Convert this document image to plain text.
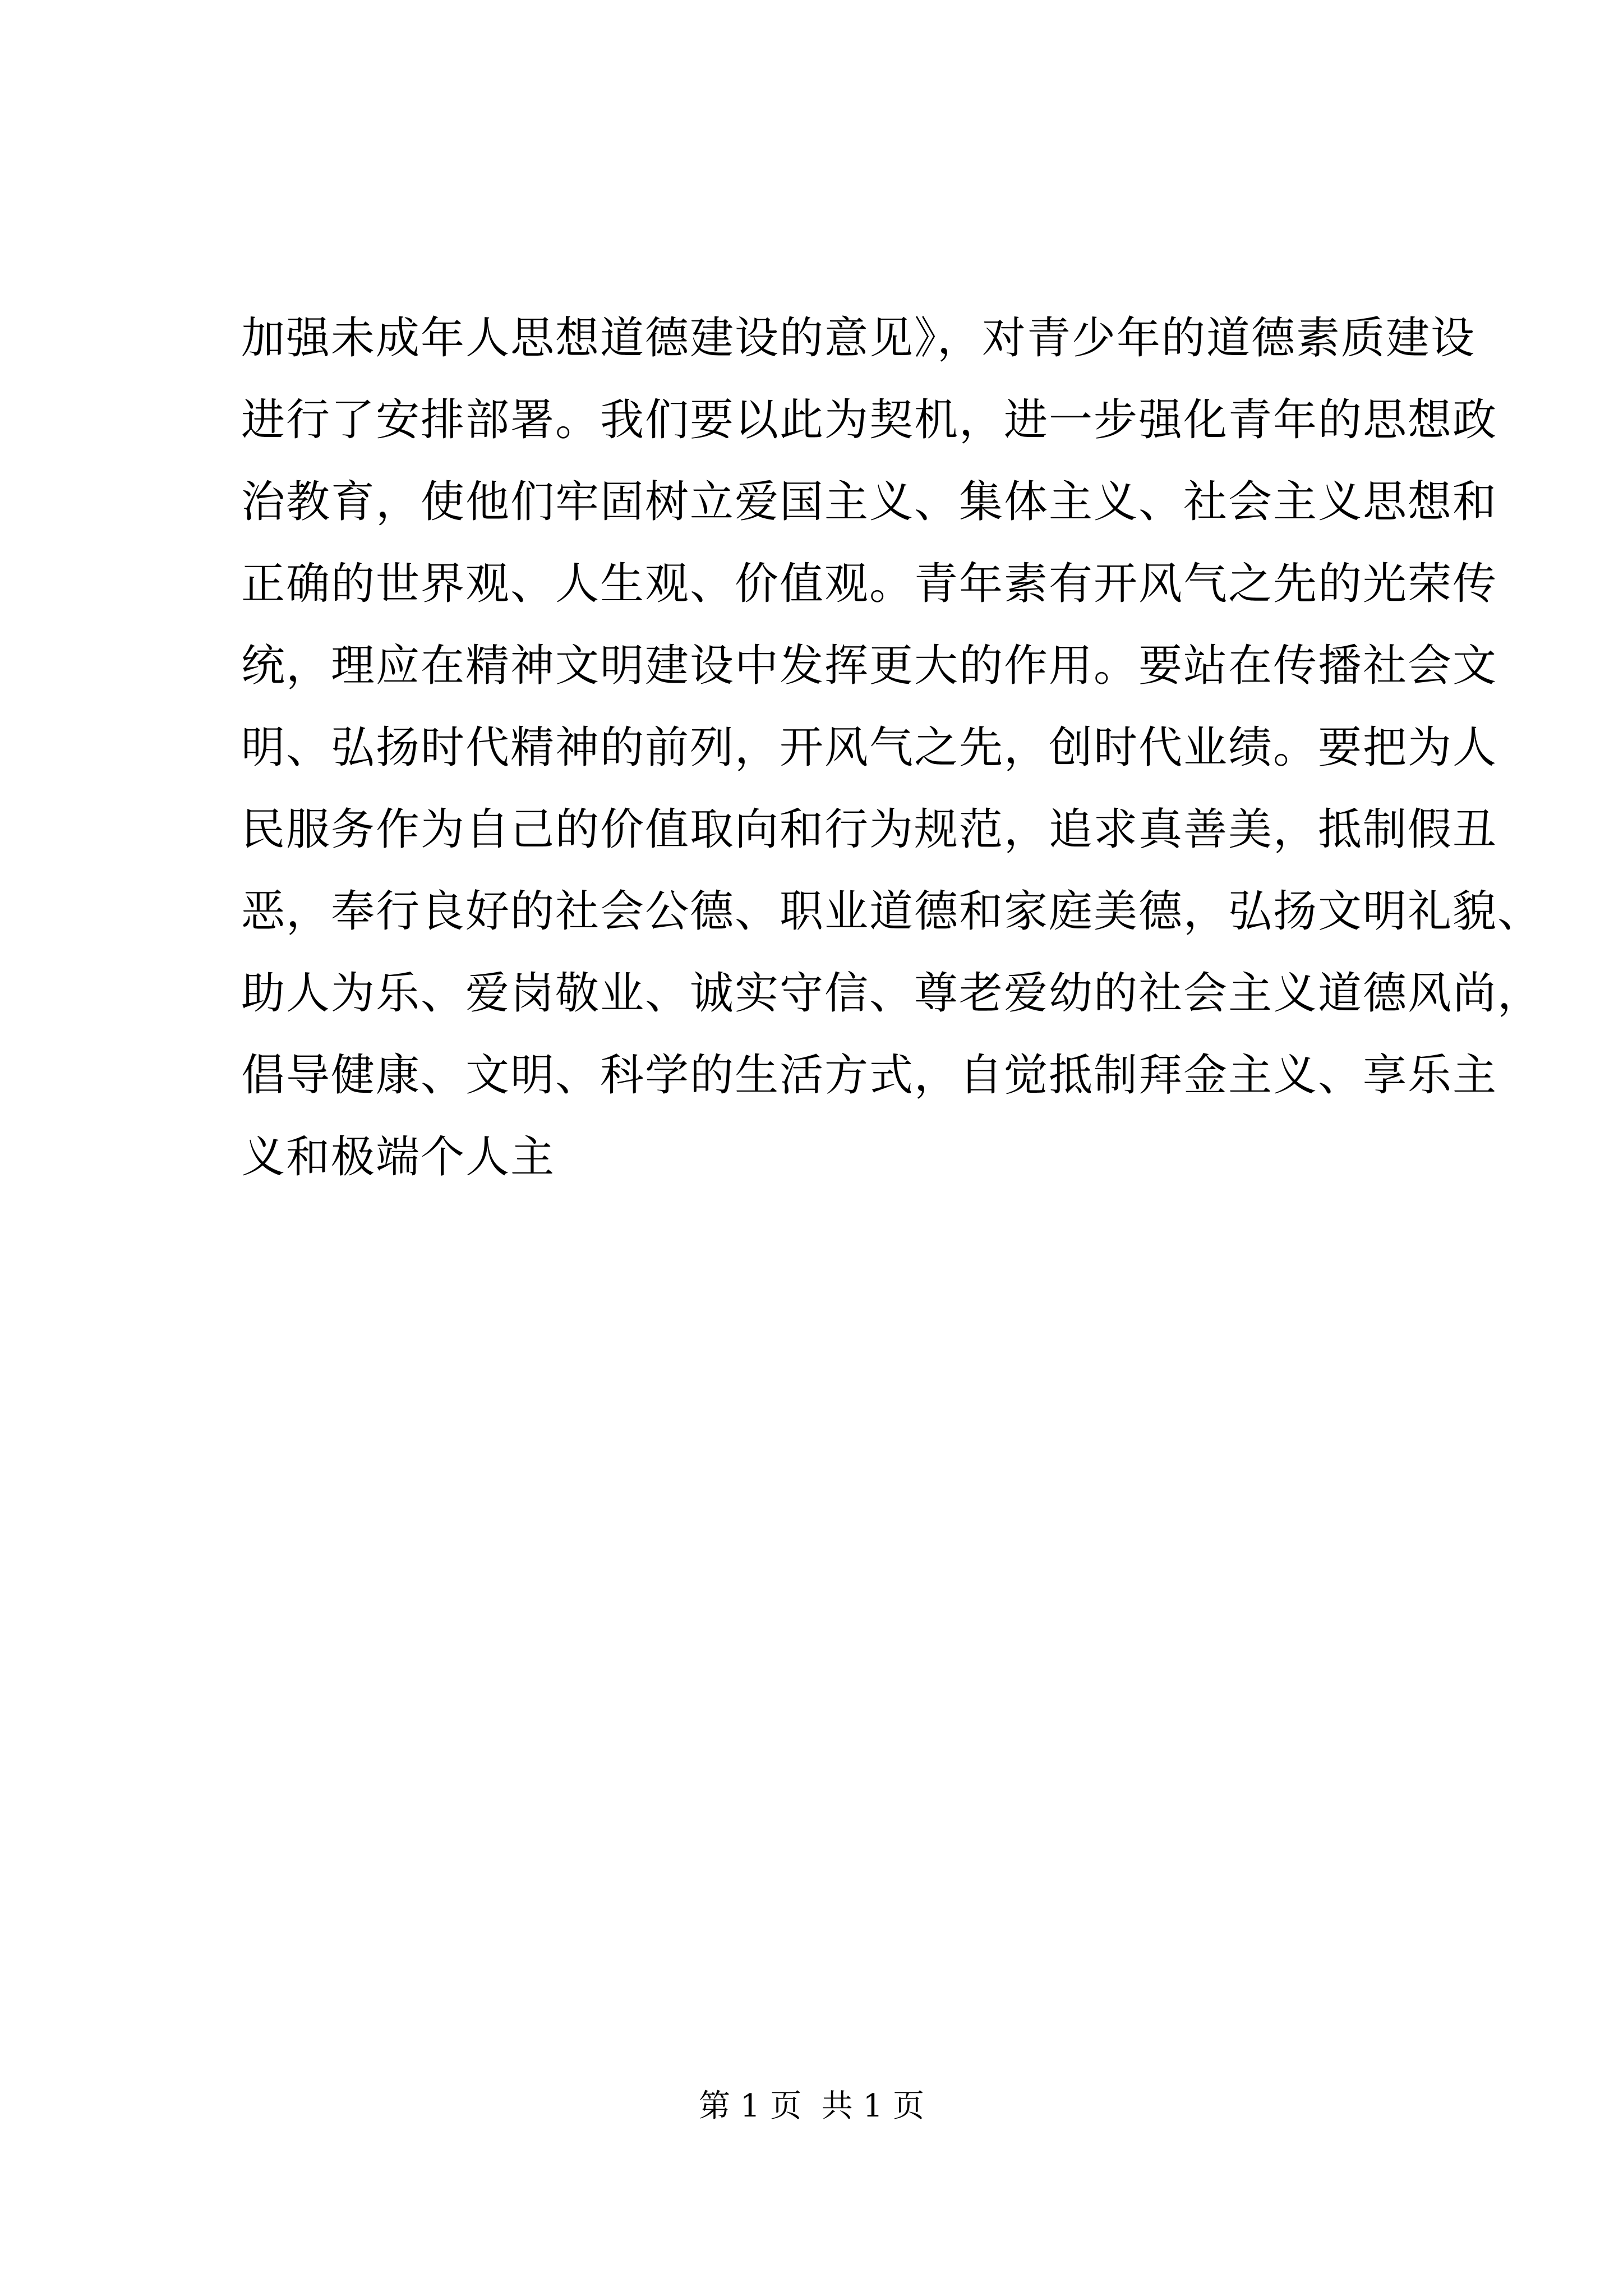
加强未成年人思想道德建设的意见》，对青少年的道德素质建设
进行了安排部署。我们要以此为契机，进一步强化青年的思想政
治教育，使他们牢固树立爱国主义、集体主义、社会主义思想和
正确的世界观、人生观、价值观。青年素有开风气之先的光荣传
统，理应在精神文明建设中发挥更大的作用。要站在传播社会文
明、弘扬时代精神的前列，开风气之先，创时代业绩。要把为人
民服务作为自己的价值取向和行为规范，追求真善美，抵制假丑
恶，奉行良好的社会公德、职业道德和家庭美德，弘扬文明礼貌、
助人为乐、爱岗敬业、诚实守信、尊老爱幼的社会主义道德风尚，
倡导健康、文明、科学的生活方式，自觉抵制拜金主义、享乐主
义和极端个人主
第 1 页  共 1 页
